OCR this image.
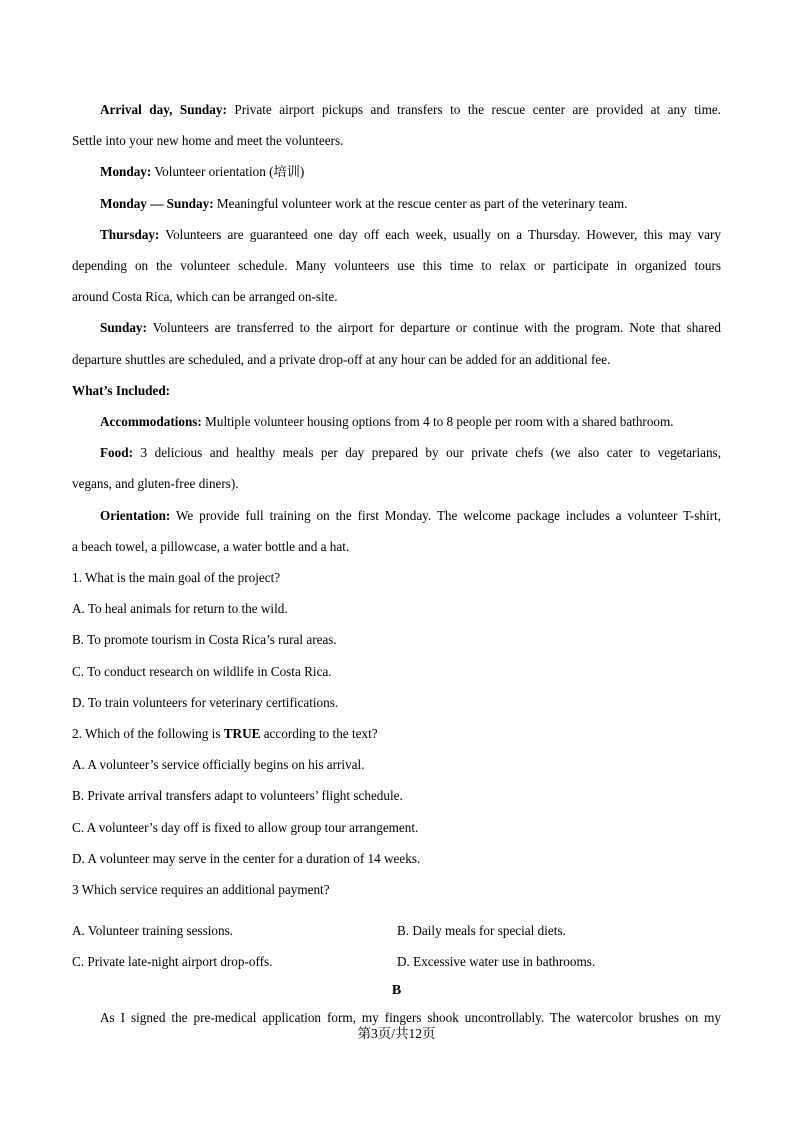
Arrival day, Sunday: Private airport pickups and transfers to the rescue center are provided at any time.
Settle into your new home and meet the volunteers.
Monday: Volunteer orientation (培训)
Monday — Sunday: Meaningful volunteer work at the rescue center as part of the veterinary team.
Thursday: Volunteers are guaranteed one day off each week, usually on a Thursday. However, this may vary
depending on the volunteer schedule. Many volunteers use this time to relax or participate in organized tours
around Costa Rica, which can be arranged on-site.
Sunday: Volunteers are transferred to the airport for departure or continue with the program. Note that shared
departure shuttles are scheduled, and a private drop-off at any hour can be added for an additional fee.
What’s Included:
Accommodations: Multiple volunteer housing options from 4 to 8 people per room with a shared bathroom.
Food: 3 delicious and healthy meals per day prepared by our private chefs (we also cater to vegetarians,
vegans, and gluten-free diners).
Orientation: We provide full training on the first Monday. The welcome package includes a volunteer T-shirt,
a beach towel, a pillowcase, a water bottle and a hat.
1. What is the main goal of the project?
A. To heal animals for return to the wild.
B. To promote tourism in Costa Rica’s rural areas.
C. To conduct research on wildlife in Costa Rica.
D. To train volunteers for veterinary certifications.
2. Which of the following is TRUE according to the text?
A. A volunteer’s service officially begins on his arrival.
B. Private arrival transfers adapt to volunteers’ flight schedule.
C. A volunteer’s day off is fixed to allow group tour arrangement.
D. A volunteer may serve in the center for a duration of 14 weeks.
3 Which service requires an additional payment?
A. Volunteer training sessions.	B. Daily meals for special diets.
C. Private late-night airport drop-offs.	D. Excessive water use in bathrooms.
B
As I signed the pre-medical application form, my fingers shook uncontrollably. The watercolor brushes on my
第3页/共12页
